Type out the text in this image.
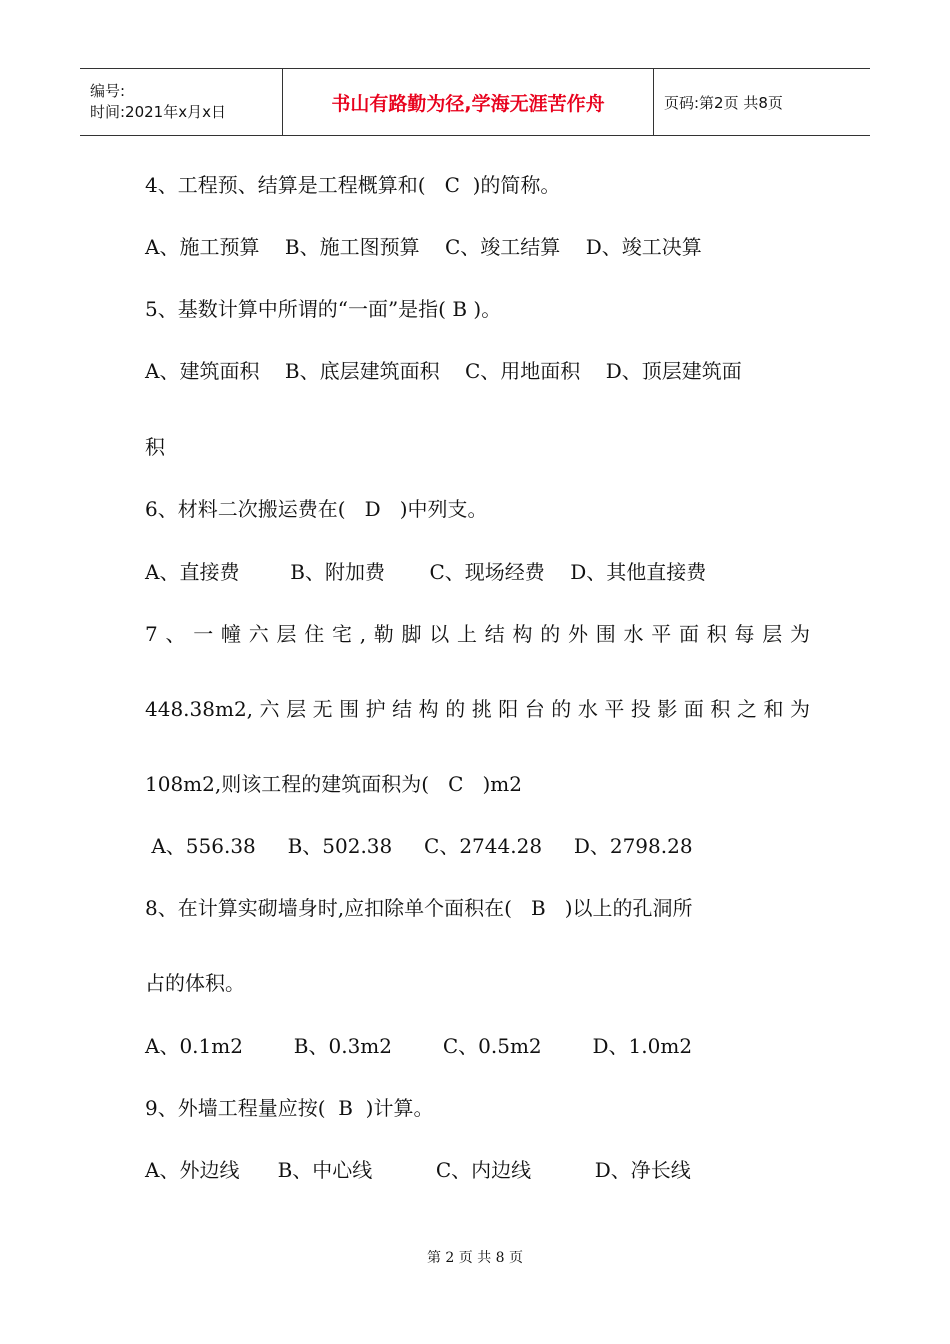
编号:
时间:2021年x月x日	书山有路勤为径,学海无涯苦作舟	页码:第2页 共8页
4、工程预、结算是工程概算和(   C  )的简称。
A、施工预算    B、施工图预算    C、竣工结算    D、竣工决算
5、基数计算中所谓的“一面”是指( B )。
A、建筑面积    B、底层建筑面积    C、用地面积    D、顶层建筑面
积
6、材料二次搬运费在(   D   )中列支。
A、直接费        B、附加费       C、现场经费    D、其他直接费
7、一幢六层住宅,勒脚以上结构的外围水平面积每层为
448.38m2,六层无围护结构的挑阳台的水平投影面积之和为
108m2,则该工程的建筑面积为(   C   )m2
A、556.38     B、502.38     C、2744.28     D、2798.28
8、在计算实砌墙身时,应扣除单个面积在(   B   )以上的孔洞所
占的体积。
A、0.1m2        B、0.3m2        C、0.5m2        D、1.0m2
9、外墙工程量应按(  B  )计算。
A、外边线      B、中心线          C、内边线          D、净长线
第 2 页 共 8 页
